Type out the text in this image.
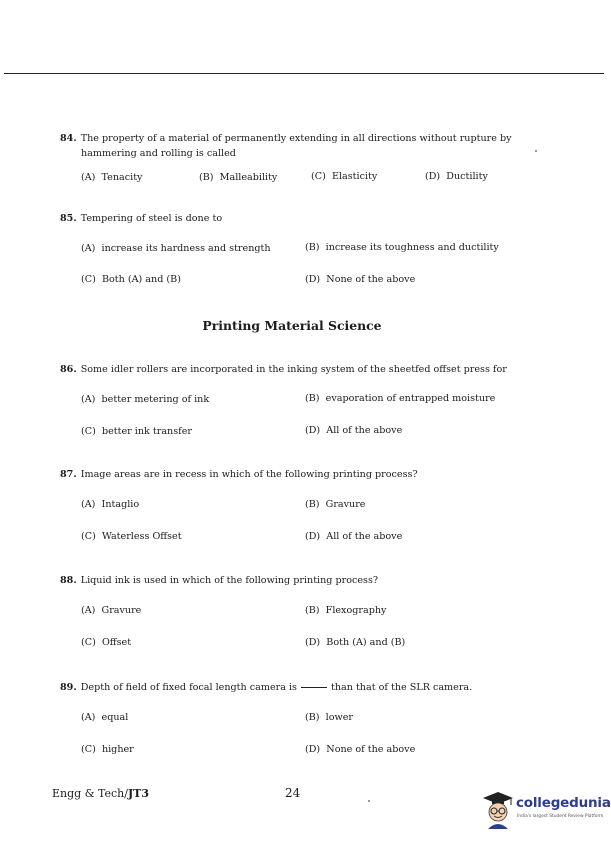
84. The property of a material of permanently extending in all directions without rupture by
hammering and rolling is called
(A) Tenacity	(B) Malleability	(C) Elasticity	(D) Ductility
85. Tempering of steel is done to
(A) increase its hardness and strength	(B) increase its toughness and ductility
(C) Both (A) and (B)	(D) None of the above
Printing Material Science
86. Some idler rollers are incorporated in the inking system of the sheetfed offset press for
(A) better metering of ink	(B) evaporation of entrapped moisture
(C) better ink transfer	(D) All of the above
87. Image areas are in recess in which of the following printing process?
(A) Intaglio	(B) Gravure
(C) Waterless Offset	(D) All of the above
88. Liquid ink is used in which of the following printing process?
(A) Gravure	(B) Flexography
(C) Offset	(D) Both (A) and (B)
89. Depth of field of fixed focal length camera is	than that of the SLR camera.
(A) equal	(B) lower
(C) higher	(D) None of the above
Engg & Tech/JT3	24
collegedunia
India's largest Student Review Platform
